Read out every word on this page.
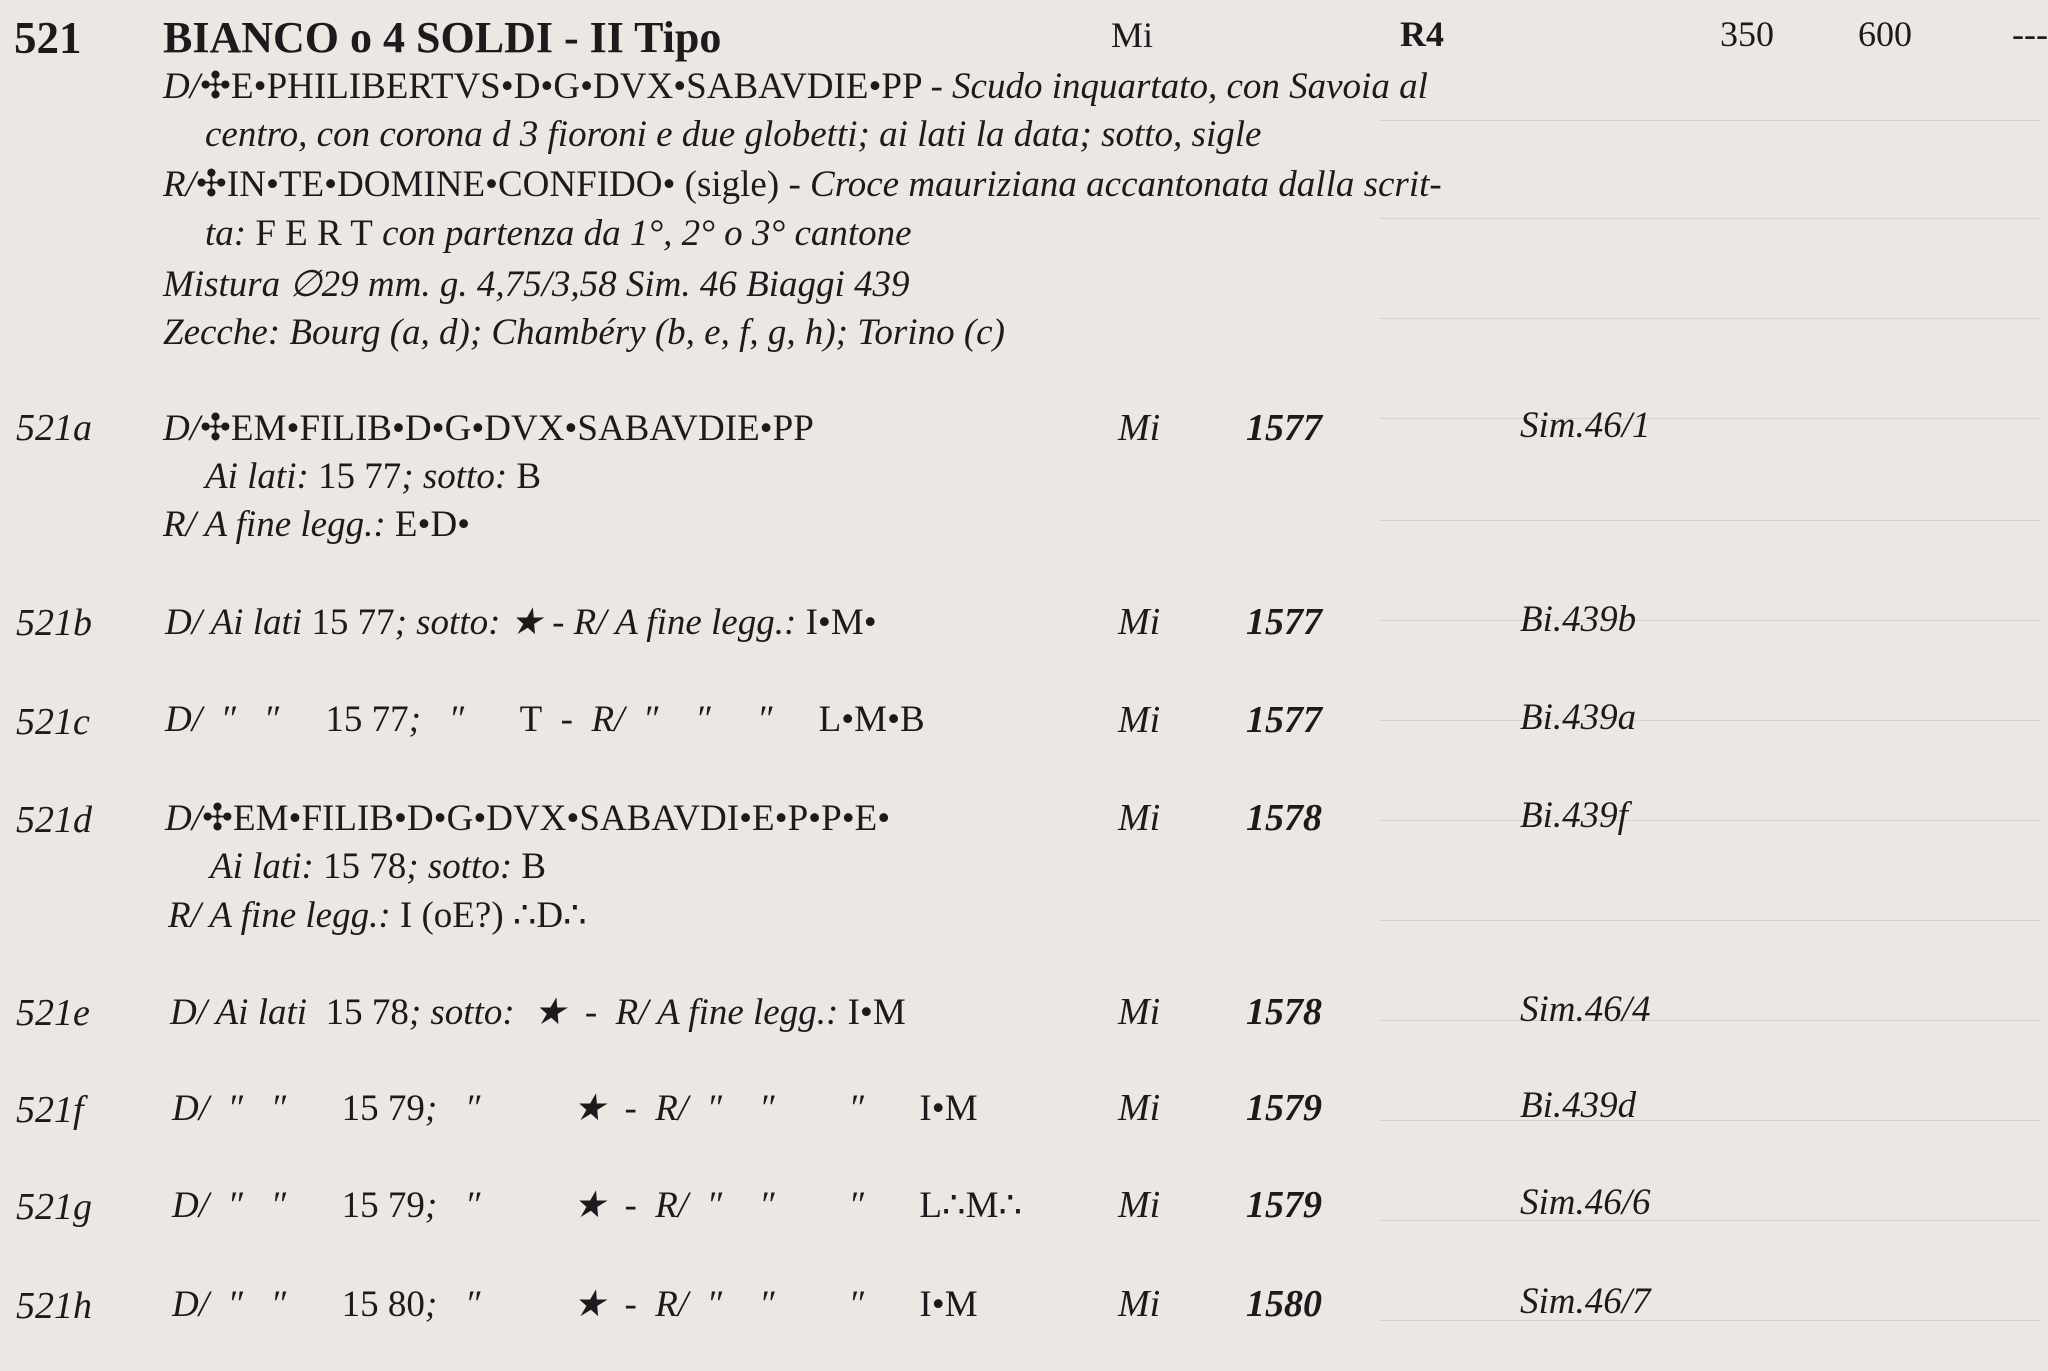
521 BIANCO o 4 SOLDI - II Tipo	Mi	R4	350 600	---
D/✣E•PHILIBERTVS•D•G•DVX•SABAVDIE•PP - Scudo inquartato, con Savoia al
centro, con corona d 3 fioroni e due globetti; ai lati la data; sotto, sigle
R/✣IN•TE•DOMINE•CONFIDO• (sigle) - Croce mauriziana accantonata dalla scrit-
ta: F E R T con partenza da 1°, 2° o 3° cantone
Mistura ∅29 mm. g. 4,75/3,58 Sim. 46 Biaggi 439
Zecche: Bourg (a, d); Chambéry (b, e, f, g, h); Torino (c)
521a D/✣EM•FILIB•D•G•DVX•SABAVDIE•PP
Ai lati: 15 77; sotto: B
R/ A fine legg.: E•D•
Mi 1577	Sim.46/1
521b D/ Ai lati 15 77; sotto: ★ - R/ A fine legg.: I•M•	Mi 1577	Bi.439b
521c D/  ″   ″     15 77;   ″      T  -  R/  ″    ″     ″     L•M•B	Mi 1577	Bi.439a
521d D/✣EM•FILIB•D•G•DVX•SABAVDI•E•P•P•E•
Ai lati: 15 78; sotto: B
R/ A fine legg.: I (oE?) ∴D∴
Mi 1578	Bi.439f
521e D/ Ai lati  15 78; sotto:  ★  -  R/ A fine legg.: I•M	Mi 1578	Sim.46/4
521f D/  ″   ″      15 79;   ″          ★  -  R/  ″    ″        ″      I•M	Mi 1579	Bi.439d
521g D/  ″   ″      15 79;   ″          ★  -  R/  ″    ″        ″      L∴M∴	Mi 1579	Sim.46/6
521h D/  ″   ″      15 80;   ″          ★  -  R/  ″    ″        ″      I•M	Mi 1580	Sim.46/7
